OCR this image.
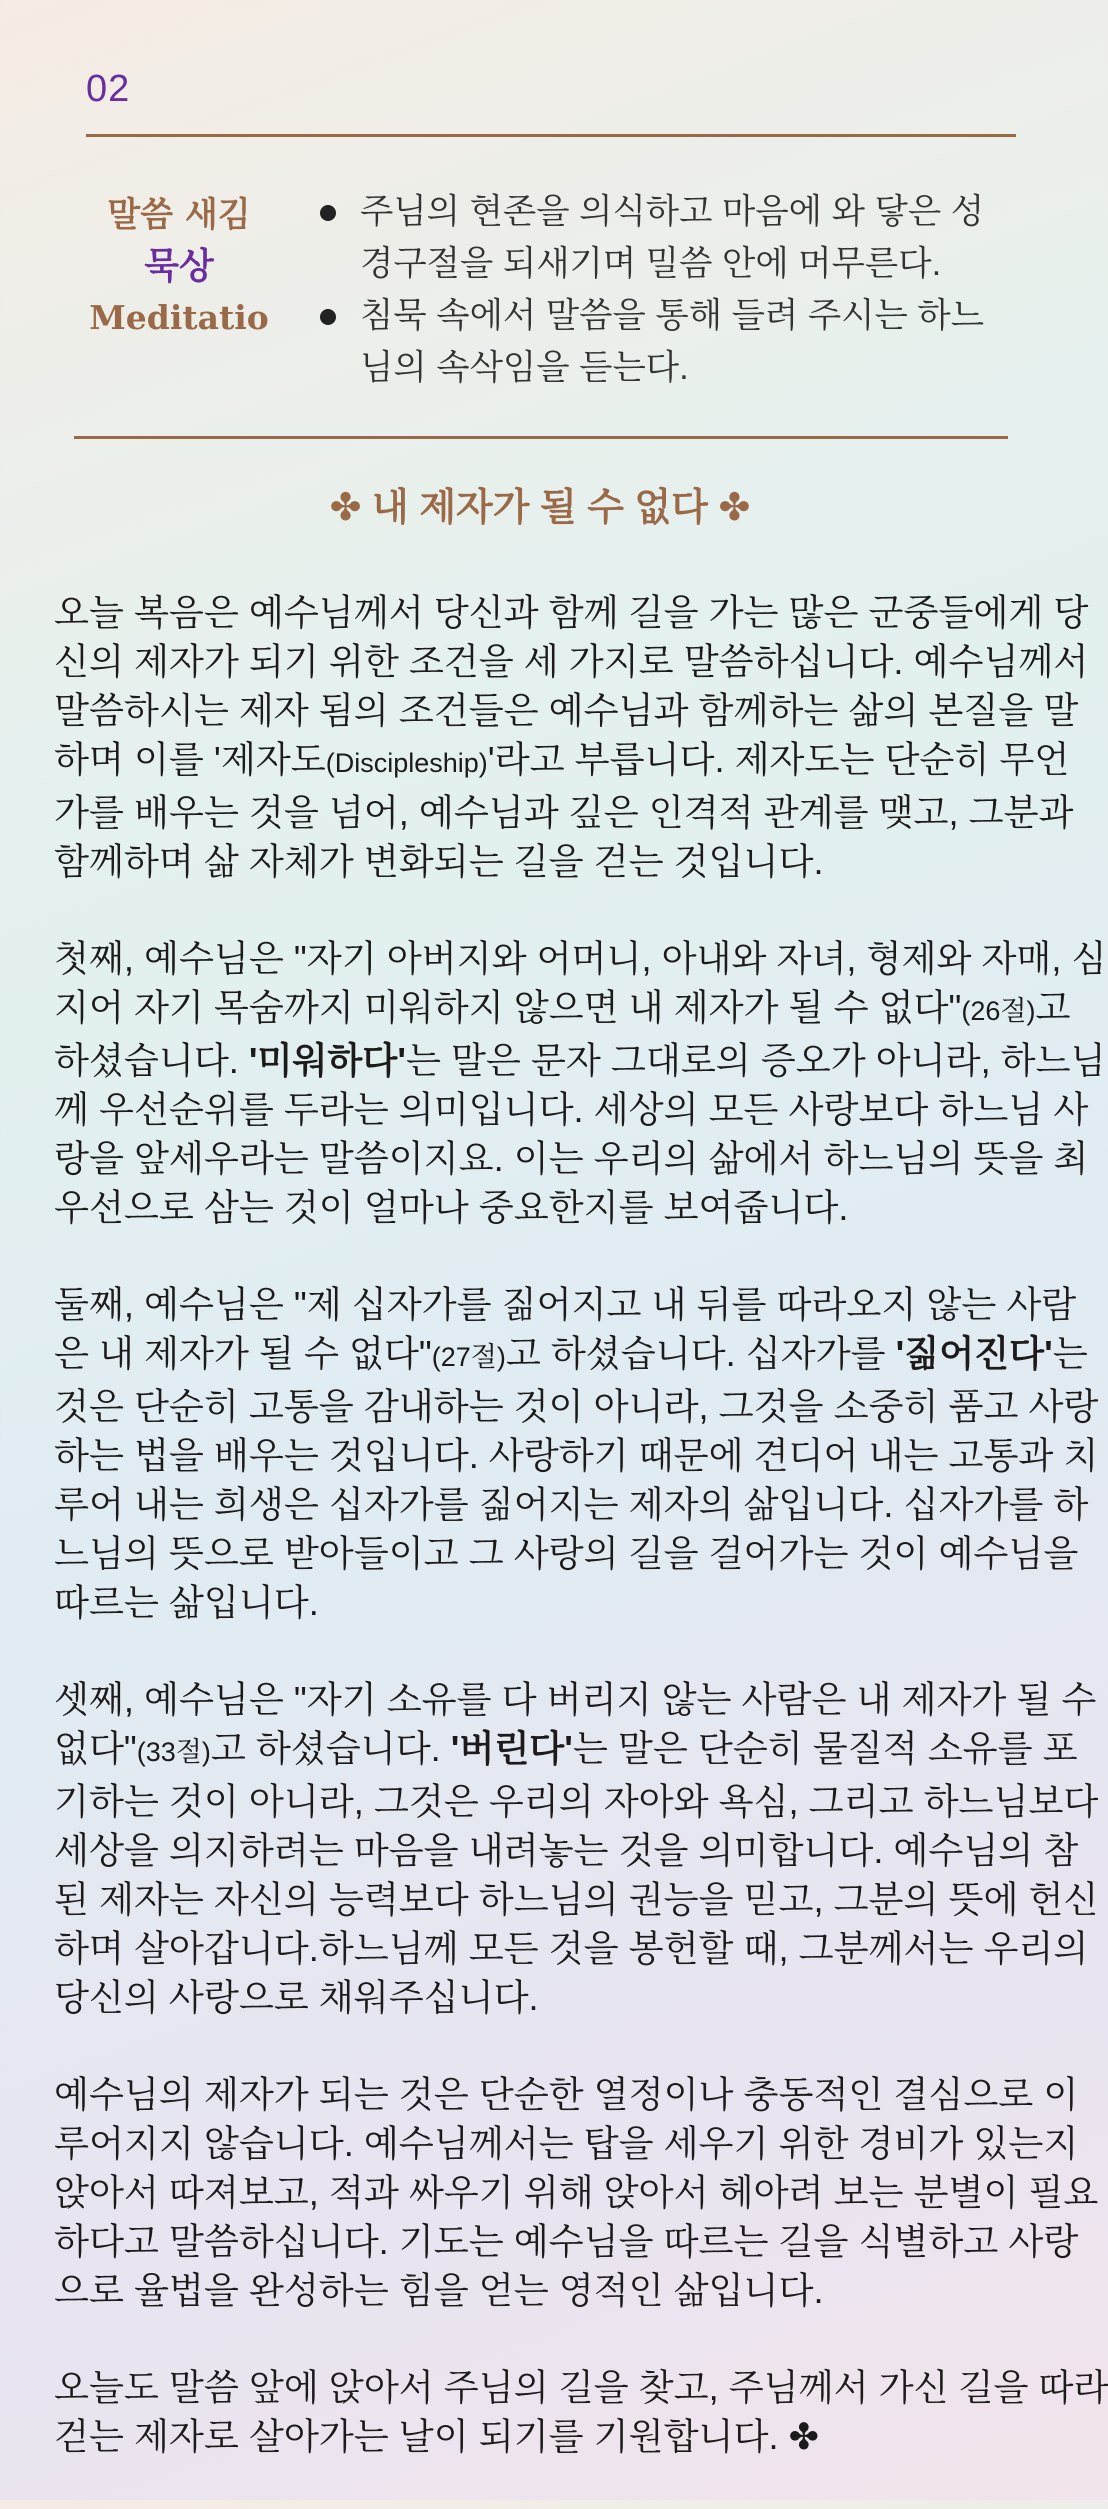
02
말씀 새김
묵상
Meditatio
주님의 현존을 의식하고 마음에 와 닿은 성
경구절을 되새기며 밀씀 안에 머무른다.
침묵 속에서 말씀을 통해 들려 주시는 하느
님의 속삭임을 듣는다.
✤ 내 제자가 될 수 없다 ✤

오늘 복음은 예수님께서 당신과 함께 길을 가는 많은 군중들에게 당
신의 제자가 되기 위한 조건을 세 가지로 말씀하십니다. 예수님께서
말씀하시는 제자 됨의 조건들은 예수님과 함께하는 삶의 본질을 말
하며 이를 '제자도(Discipleship)'라고 부릅니다. 제자도는 단순히 무언
가를 배우는 것을 넘어, 예수님과 깊은 인격적 관계를 맺고, 그분과
함께하며 삶 자체가 변화되는 길을 걷는 것입니다.

첫째, 예수님은 "자기 아버지와 어머니, 아내와 자녀, 형제와 자매, 심
지어 자기 목숨까지 미워하지 않으면 내 제자가 될 수 없다"(26절)고
하셨습니다. '미워하다'는 말은 문자 그대로의 증오가 아니라, 하느님
께 우선순위를 두라는 의미입니다. 세상의 모든 사랑보다 하느님 사
랑을 앞세우라는 말씀이지요. 이는 우리의 삶에서 하느님의 뜻을 최
우선으로 삼는 것이 얼마나 중요한지를 보여줍니다.

둘째, 예수님은 "제 십자가를 짊어지고 내 뒤를 따라오지 않는 사람
은 내 제자가 될 수 없다"(27절)고 하셨습니다. 십자가를 '짊어진다'는
것은 단순히 고통을 감내하는 것이 아니라, 그것을 소중히 품고 사랑
하는 법을 배우는 것입니다. 사랑하기 때문에 견디어 내는 고통과 치
루어 내는 희생은 십자가를 짊어지는 제자의 삶입니다. 십자가를 하
느님의 뜻으로 받아들이고 그 사랑의 길을 걸어가는 것이 예수님을
따르는 삶입니다.

셋째, 예수님은 "자기 소유를 다 버리지 않는 사람은 내 제자가 될 수
없다"(33절)고 하셨습니다. '버린다'는 말은 단순히 물질적 소유를 포
기하는 것이 아니라, 그것은 우리의 자아와 욕심, 그리고 하느님보다
세상을 의지하려는 마음을 내려놓는 것을 의미합니다. 예수님의 참
된 제자는 자신의 능력보다 하느님의 권능을 믿고, 그분의 뜻에 헌신
하며 살아갑니다.하느님께 모든 것을 봉헌할 때, 그분께서는 우리의
당신의 사랑으로 채워주십니다.

예수님의 제자가 되는 것은 단순한 열정이나 충동적인 결심으로 이
루어지지 않습니다. 예수님께서는 탑을 세우기 위한 경비가 있는지
앉아서 따져보고, 적과 싸우기 위해 앉아서 헤아려 보는 분별이 필요
하다고 말씀하십니다. 기도는 예수님을 따르는 길을 식별하고 사랑
으로 율법을 완성하는 힘을 얻는 영적인 삶입니다.

오늘도 말씀 앞에 앉아서 주님의 길을 찾고, 주님께서 가신 길을 따라
걷는 제자로 살아가는 날이 되기를 기원합니다. ✤
